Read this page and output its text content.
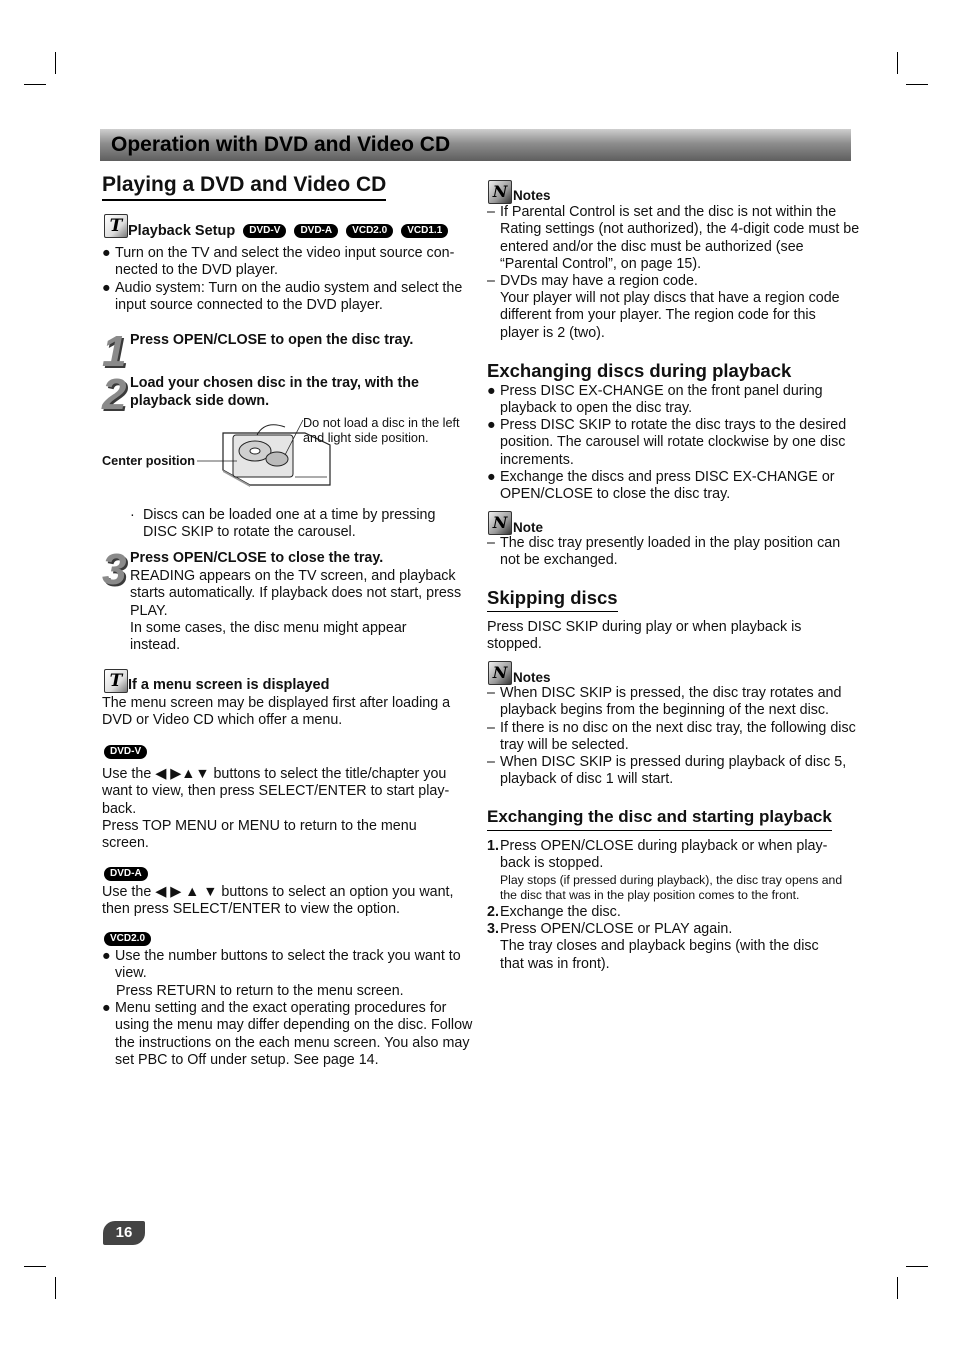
Operation with DVD and Video CD
Playing a DVD and Video CD
T Playback Setup DVD-V DVD-A VCD2.0 VCD1.1
● Turn on the TV and select the video input source con-nected to the DVD player.
● Audio system: Turn on the audio system and select the input source connected to the DVD player.
1 Press OPEN/CLOSE to open the disc tray.
2 Load your chosen disc in the tray, with the
playback side down.
Do not load a disc in the left and light side position.
Center position
· Discs can be loaded one at a time by pressing DISC SKIP to rotate the carousel.
3 Press OPEN/CLOSE to close the tray.
READING appears on the TV screen, and playback starts automatically. If playback does not start, press PLAY.
In some cases, the disc menu might appear instead.
T If a menu screen is displayed
The menu screen may be displayed first after loading a DVD or Video CD which offer a menu.
DVD-V
Use the ◀ ▶▲▼ buttons to select the title/chapter you want to view, then press SELECT/ENTER to start play-back.
Press TOP MENU or MENU to return to the menu screen.
DVD-A
Use the ◀ ▶ ▲ ▼ buttons to select an option you want, then press SELECT/ENTER to view the option.
VCD2.0
● Use the number buttons to select the track you want to view.
Press RETURN to return to the menu screen.
● Menu setting and the exact operating procedures for using the menu may differ depending on the disc. Follow the instructions on the each menu screen. You also may set PBC to Off under setup. See page 14.
N Notes
– If Parental Control is set and the disc is not within the Rating settings (not authorized), the 4-digit code must be entered and/or the disc must be authorized (see “Parental Control”, on page 15).
– DVDs may have a region code.
Your player will not play discs that have a region code different from your player. The region code for this player is 2 (two).
Exchanging discs during playback
● Press DISC EX-CHANGE on the front panel during playback to open the disc tray.
● Press DISC SKIP to rotate the disc trays to the desired position. The carousel will rotate clockwise by one disc increments.
● Exchange the discs and press DISC EX-CHANGE or OPEN/CLOSE to close the disc tray.
N Note
– The disc tray presently loaded in the play position can not be exchanged.
Skipping discs
Press DISC SKIP during play or when playback is stopped.
N Notes
– When DISC SKIP is pressed, the disc tray rotates and playback begins from the beginning of the next disc.
– If there is no disc on the next disc tray, the following disc tray will be selected.
– When DISC SKIP is pressed during playback of disc 5, playback of disc 1 will start.
Exchanging the disc and starting playback
1. Press OPEN/CLOSE during playback or when play-back is stopped.
Play stops (if pressed during playback), the disc tray opens and the disc that was in the play position comes to the front.
2. Exchange the disc.
3. Press OPEN/CLOSE or PLAY again.
The tray closes and playback begins (with the disc that was in front).
16
